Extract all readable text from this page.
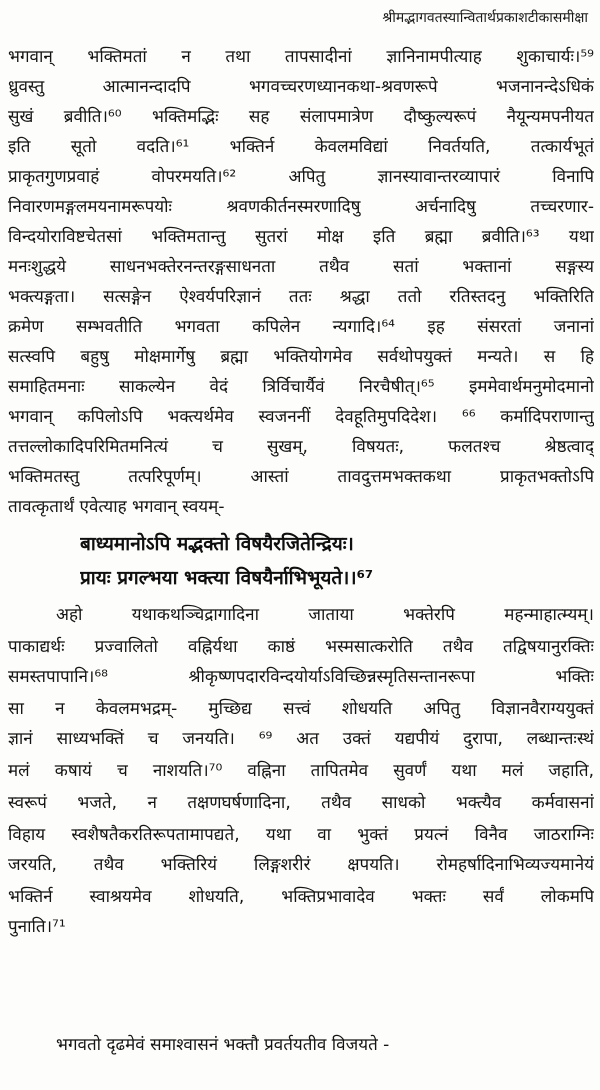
श्रीमद्भागवतस्यान्वितार्थप्रकाशटीकासमीक्षा
भगवान् भक्तिमतां न तथा तापसादीनां ज्ञानिनामपीत्याह शुकाचार्यः।⁵⁹
ध्रुवस्तु आत्मानन्दादपि भगवच्चरणध्यानकथा-श्रवणरूपे भजनानन्देऽधिकं
सुखं ब्रवीति।⁶⁰ भक्तिमद्भिः सह संलापमात्रेण दौष्कुल्यरूपं नैयून्यमपनीयत
इति सूतो वदति।⁶¹ भक्तिर्न केवलमविद्यां निवर्तयति, तत्कार्यभूतं
प्राकृतगुणप्रवाहं वोपरमयति।⁶² अपितु ज्ञानस्यावान्तरव्यापारं विनापि
निवारणमङ्गलमयनामरूपयोः श्रवणकीर्तनस्मरणादिषु अर्चनादिषु तच्चरणार-
विन्दयोराविष्टचेतसां भक्तिमतान्तु सुतरां मोक्ष इति ब्रह्मा ब्रवीति।⁶³ यथा
मनःशुद्धये साधनभक्तेरनन्तरङ्गसाधनता तथैव सतां भक्तानां सङ्गस्य
भक्त्यङ्गता। सत्सङ्गेन ऐश्वर्यपरिज्ञानं ततः श्रद्धा ततो रतिस्तदनु भक्तिरिति
क्रमेण सम्भवतीति भगवता कपिलेन न्यगादि।⁶⁴ इह संसरतां जनानां
सत्स्वपि बहुषु मोक्षमार्गेषु ब्रह्मा भक्तियोगमेव सर्वथोपयुक्तं मन्यते। स हि
समाहितमनाः साकल्येन वेदं त्रिर्विचार्यैवं निरचैषीत्।⁶⁵ इममेवार्थमनुमोदमानो
भगवान् कपिलोऽपि भक्त्यर्थमेव स्वजननीं देवहूतिमुपदिदेश। ⁶⁶ कर्मादिपराणान्तु
तत्तल्लोकादिपरिमितमनित्यं च सुखम्, विषयतः, फलतश्च श्रेष्ठत्वाद्
भक्तिमतस्तु तत्परिपूर्णम्। आस्तां तावदुत्तमभक्तकथा प्राकृतभक्तोऽपि
तावत्कृतार्थं एवेत्याह भगवान् स्वयम्-
बाध्यमानोऽपि मद्भक्तो विषयैरजितेन्द्रियः।
प्रायः प्रगल्भया भक्त्या विषयैर्नाभिभूयते।।⁶⁷
अहो यथाकथञ्चिद्रागादिना जाताया भक्तेरपि महन्माहात्म्यम्।
पाकाद्यर्थः प्रज्वालितो वह्निर्यथा काष्ठं भस्मसात्करोति तथैव तद्विषयानुरक्तिः
समस्तपापानि।⁶⁸ श्रीकृष्णपदारविन्दयोर्याऽविच्छिन्नस्मृतिसन्तानरूपा भक्तिः
सा न केवलमभद्रम्- मुच्छिद्य सत्त्वं शोधयति अपितु विज्ञानवैराग्ययुक्तं
ज्ञानं साध्यभक्तिं च जनयति। ⁶⁹ अत उक्तं यद्यपीयं दुरापा, लब्धान्तःस्थं
मलं कषायं च नाशयति।⁷⁰ वह्निना तापितमेव सुवर्णं यथा मलं जहाति,
स्वरूपं भजते, न तक्षणघर्षणादिना, तथैव साधको भक्त्यैव कर्मवासनां
विहाय स्वशैषतैकरतिरूपतामापद्यते, यथा वा भुक्तं प्रयत्नं विनैव जाठराग्निः
जरयति, तथैव भक्तिरियं लिङ्गशरीरं क्षपयति। रोमहर्षादिनाभिव्यज्यमानेयं
भक्तिर्न स्वाश्रयमेव शोधयति, भक्तिप्रभावादेव भक्तः सर्वं लोकमपि
पुनाति।⁷¹
भगवतो दृढमेवं समाश्वासनं भक्तौ प्रवर्तयतीव विजयते -
